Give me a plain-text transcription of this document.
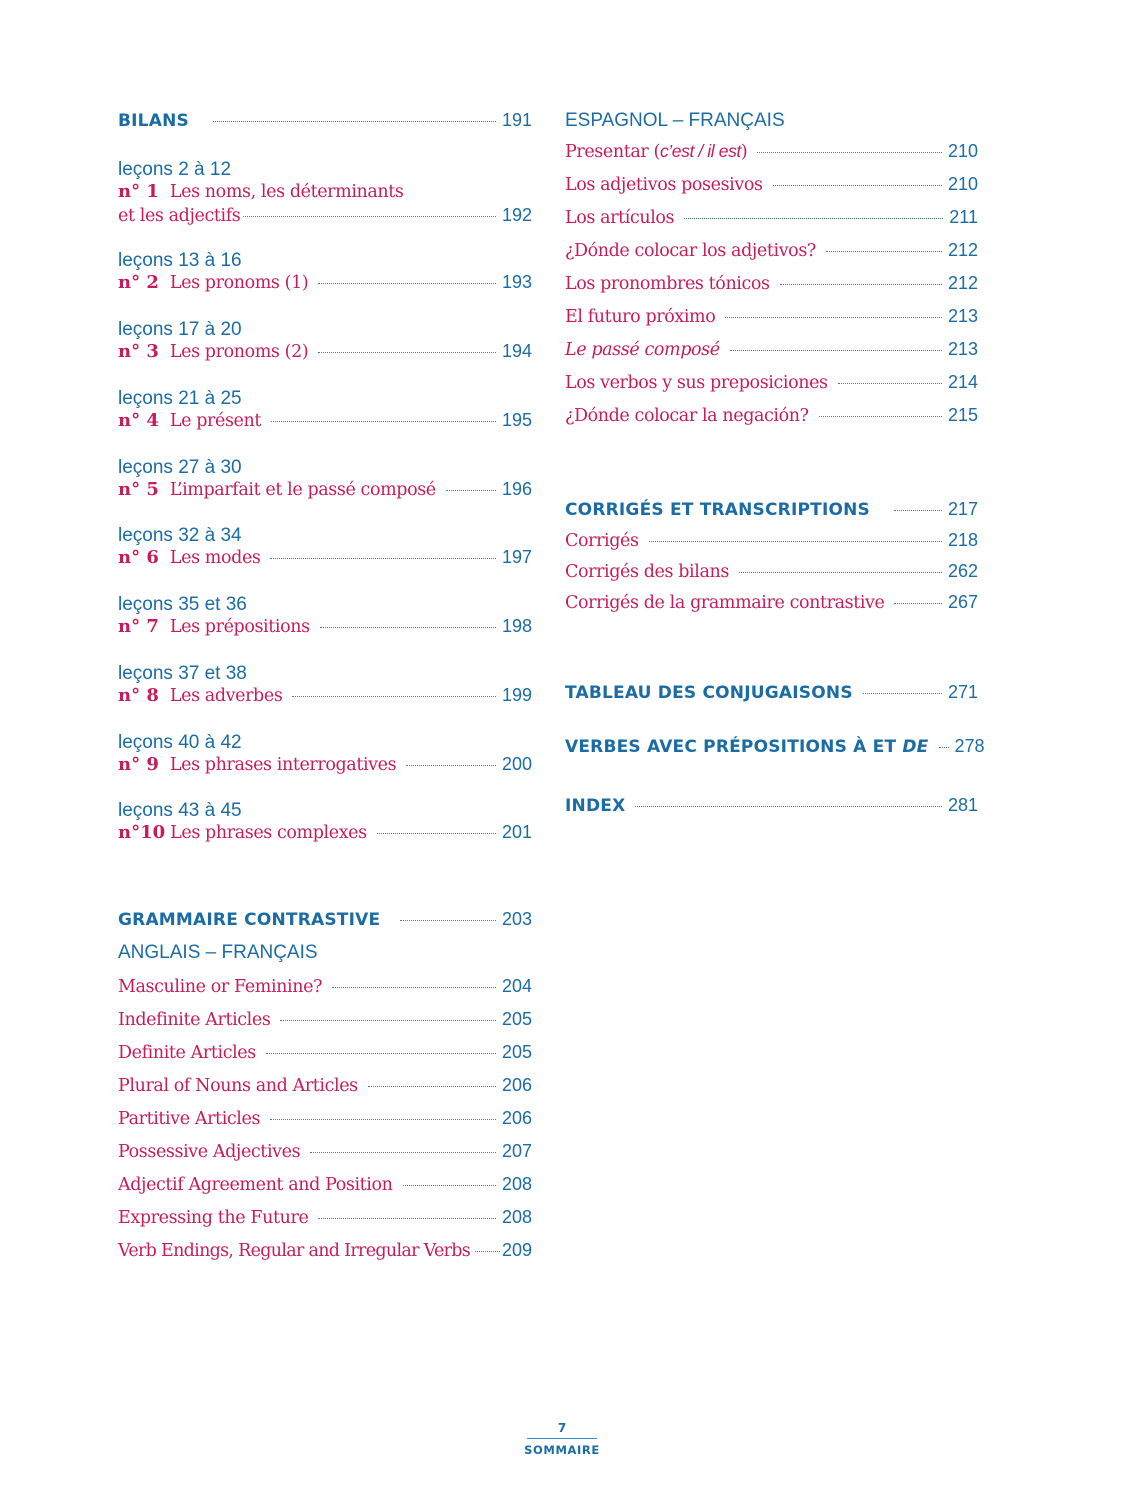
BILANS	191
leçons 2 à 12
n° 1 Les noms, les déterminants
et les adjectifs	192
leçons 13 à 16
n° 2 Les pronoms (1)	193
leçons 17 à 20
n° 3 Les pronoms (2)	194
leçons 21 à 25
n° 4 Le présent	195
leçons 27 à 30
n° 5 L’imparfait et le passé composé	196
leçons 32 à 34
n° 6 Les modes	197
leçons 35 et 36
n° 7 Les prépositions	198
leçons 37 et 38
n° 8 Les adverbes	199
leçons 40 à 42
n° 9 Les phrases interrogatives	200
leçons 43 à 45
n°10 Les phrases complexes	201
GRAMMAIRE CONTRASTIVE	203
ANGLAIS – FRANÇAIS
Masculine or Feminine?	204
Indefinite Articles	205
Definite Articles	205
Plural of Nouns and Articles	206
Partitive Articles	206
Possessive Adjectives	207
Adjectif Agreement and Position	208
Expressing the Future	208
Verb Endings, Regular and Irregular Verbs 209
ESPAGNOL – FRANÇAIS
Presentar (c’est / il est)	210
Los adjetivos posesivos	210
Los artículos	211
¿Dónde colocar los adjetivos?	212
Los pronombres tónicos	212
El futuro próximo	213
Le passé composé	213
Los verbos y sus preposiciones	214
¿Dónde colocar la negación?	215
CORRIGÉS ET TRANSCRIPTIONS	217
Corrigés	218
Corrigés des bilans	262
Corrigés de la grammaire contrastive	267
TABLEAU DES CONJUGAISONS	271
VERBES AVEC PRÉPOSITIONS À ET DE 278
INDEX	281
7
SOMMAIRE
